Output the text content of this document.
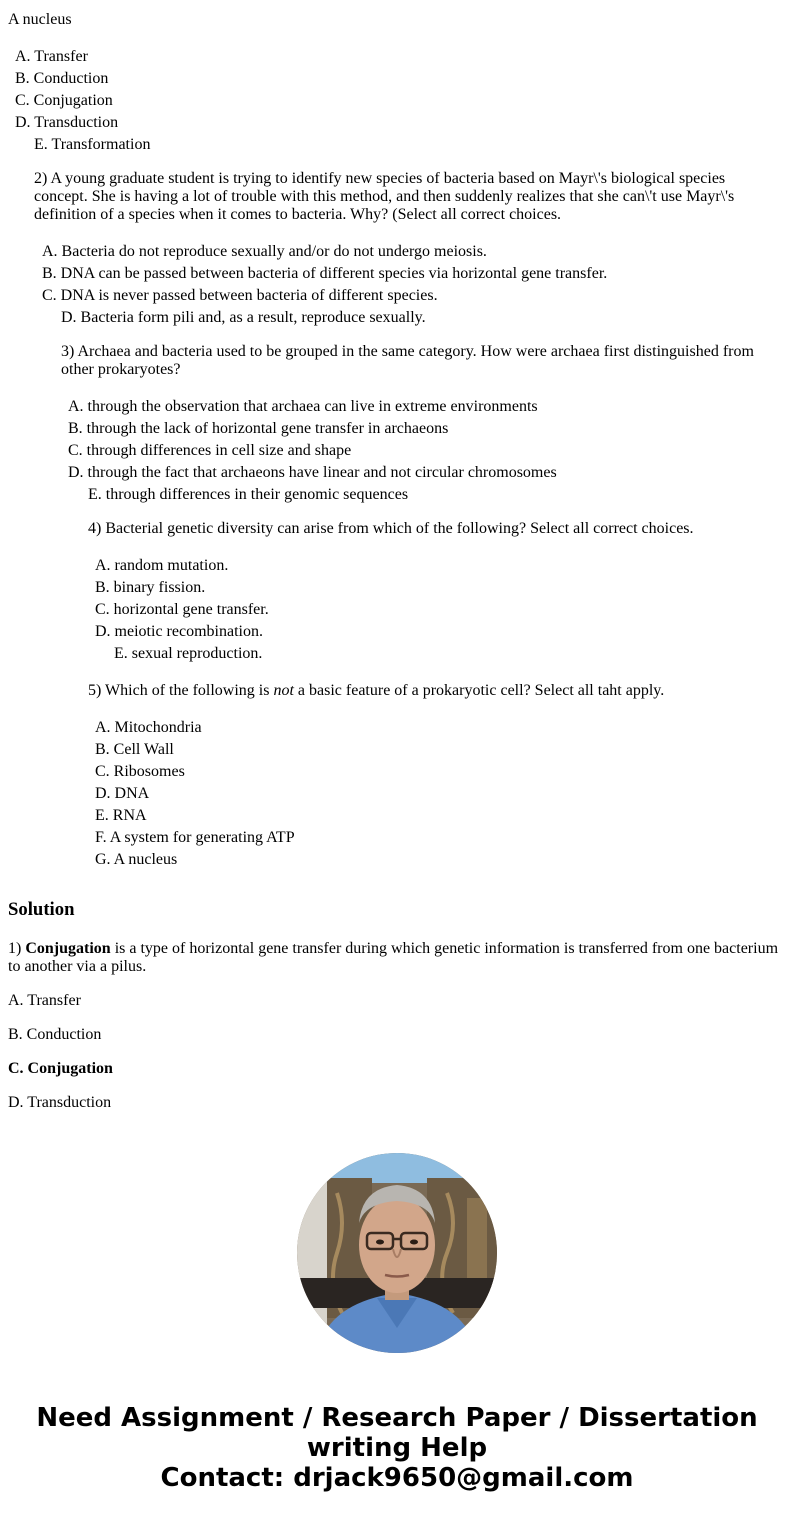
A nucleus
A. Transfer
B. Conduction
C. Conjugation
D. Transduction
E. Transformation
2) A young graduate student is trying to identify new species of bacteria based on Mayr\'s biological species concept. She is having a lot of trouble with this method, and then suddenly realizes that she can\'t use Mayr\'s definition of a species when it comes to bacteria. Why? (Select all correct choices.
A. Bacteria do not reproduce sexually and/or do not undergo meiosis.
B. DNA can be passed between bacteria of different species via horizontal gene transfer.
C. DNA is never passed between bacteria of different species.
D. Bacteria form pili and, as a result, reproduce sexually.
3) Archaea and bacteria used to be grouped in the same category. How were archaea first distinguished from other prokaryotes?
A. through the observation that archaea can live in extreme environments
B. through the lack of horizontal gene transfer in archaeons
C. through differences in cell size and shape
D. through the fact that archaeons have linear and not circular chromosomes
E. through differences in their genomic sequences
4) Bacterial genetic diversity can arise from which of the following? Select all correct choices.
A. random mutation.
B. binary fission.
C. horizontal gene transfer.
D. meiotic recombination.
E. sexual reproduction.
5) Which of the following is not a basic feature of a prokaryotic cell? Select all taht apply.
A. Mitochondria
B. Cell Wall
C. Ribosomes
D. DNA
E. RNA
F. A system for generating ATP
G. A nucleus
Solution
1) Conjugation is a type of horizontal gene transfer during which genetic information is transferred from one bacterium to another via a pilus.
A. Transfer
B. Conduction
C. Conjugation
D. Transduction
Need Assignment / Research Paper / Dissertation
writing Help
Contact: drjack9650@gmail.com
